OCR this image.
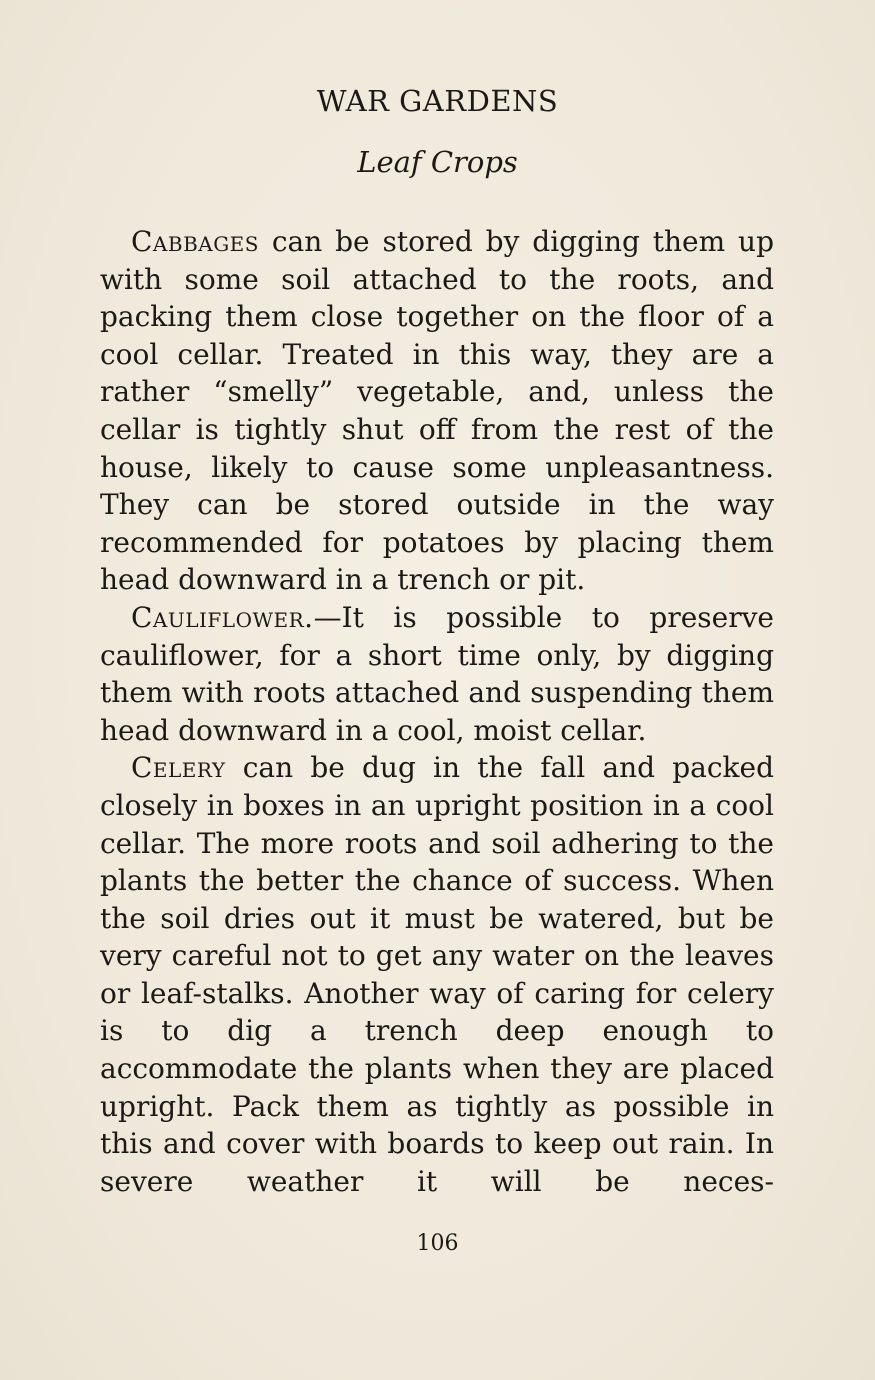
WAR GARDENS
Leaf Crops

Cabbages can be stored by digging them up with some soil attached to the roots, and packing them close together on the floor of a cool cellar. Treated in this way, they are a rather “smelly” vegetable, and, unless the cellar is tightly shut off from the rest of the house, likely to cause some unpleasantness. They can be stored outside in the way recommended for potatoes by placing them head downward in a trench or pit.

Cauliflower.—It is possible to preserve cauliflower, for a short time only, by digging them with roots attached and suspending them head downward in a cool, moist cellar.

Celery can be dug in the fall and packed closely in boxes in an upright position in a cool cellar. The more roots and soil adhering to the plants the better the chance of success. When the soil dries out it must be watered, but be very careful not to get any water on the leaves or leaf-stalks. Another way of caring for celery is to dig a trench deep enough to accommodate the plants when they are placed upright. Pack them as tightly as possible in this and cover with boards to keep out rain. In severe weather it will be neces-

106
